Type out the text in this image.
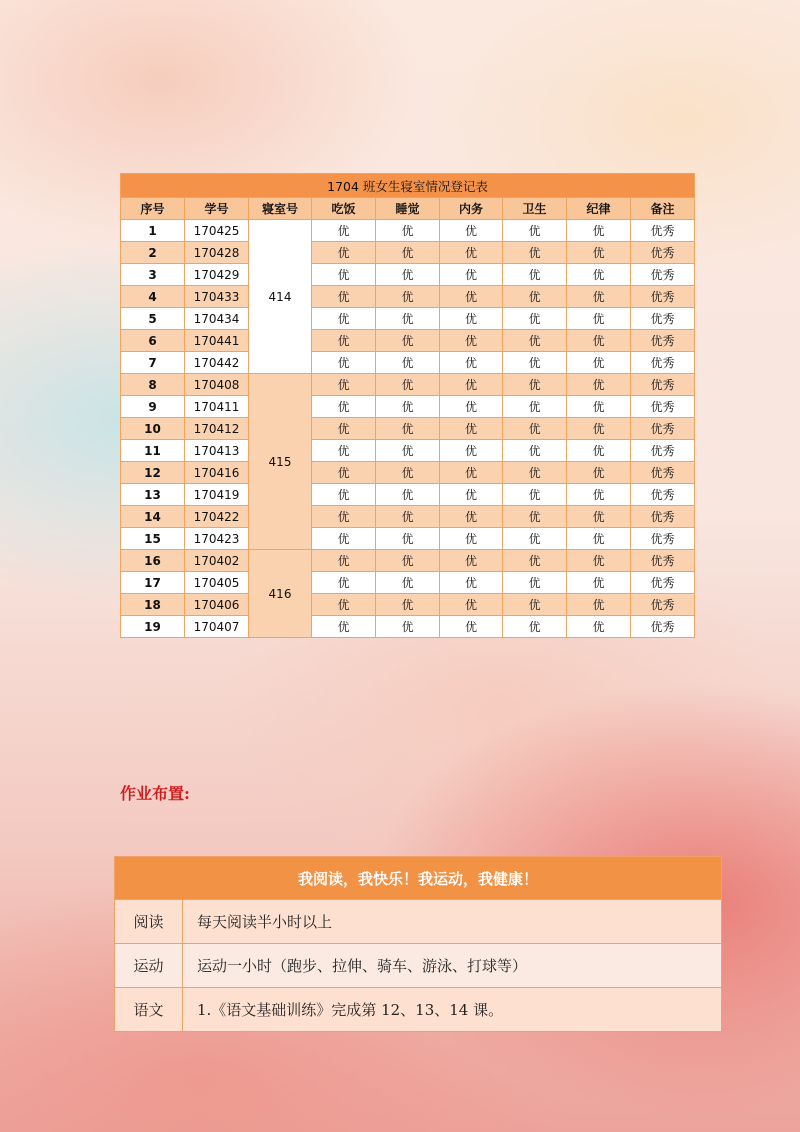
1704 班女生寝室情况登记表								
序号	学号	寝室号	吃饭	睡觉	内务	卫生	纪律	备注
1	170425	414	优	优	优	优	优	优秀
2	170428		优	优	优	优	优	优秀
3	170429		优	优	优	优	优	优秀
4	170433		优	优	优	优	优	优秀
5	170434		优	优	优	优	优	优秀
6	170441		优	优	优	优	优	优秀
7	170442		优	优	优	优	优	优秀
8	170408	415	优	优	优	优	优	优秀
9	170411		优	优	优	优	优	优秀
10	170412		优	优	优	优	优	优秀
11	170413		优	优	优	优	优	优秀
12	170416		优	优	优	优	优	优秀
13	170419		优	优	优	优	优	优秀
14	170422		优	优	优	优	优	优秀
15	170423		优	优	优	优	优	优秀
16	170402	416	优	优	优	优	优	优秀
17	170405		优	优	优	优	优	优秀
18	170406		优	优	优	优	优	优秀
19	170407		优	优	优	优	优	优秀
作业布置:
我阅读，我快乐！我运动，我健康！	
阅读	每天阅读半小时以上
运动	运动一小时（跑步、拉伸、骑车、游泳、打球等）
语文	1.《语文基础训练》完成第 12、13、14 课。
